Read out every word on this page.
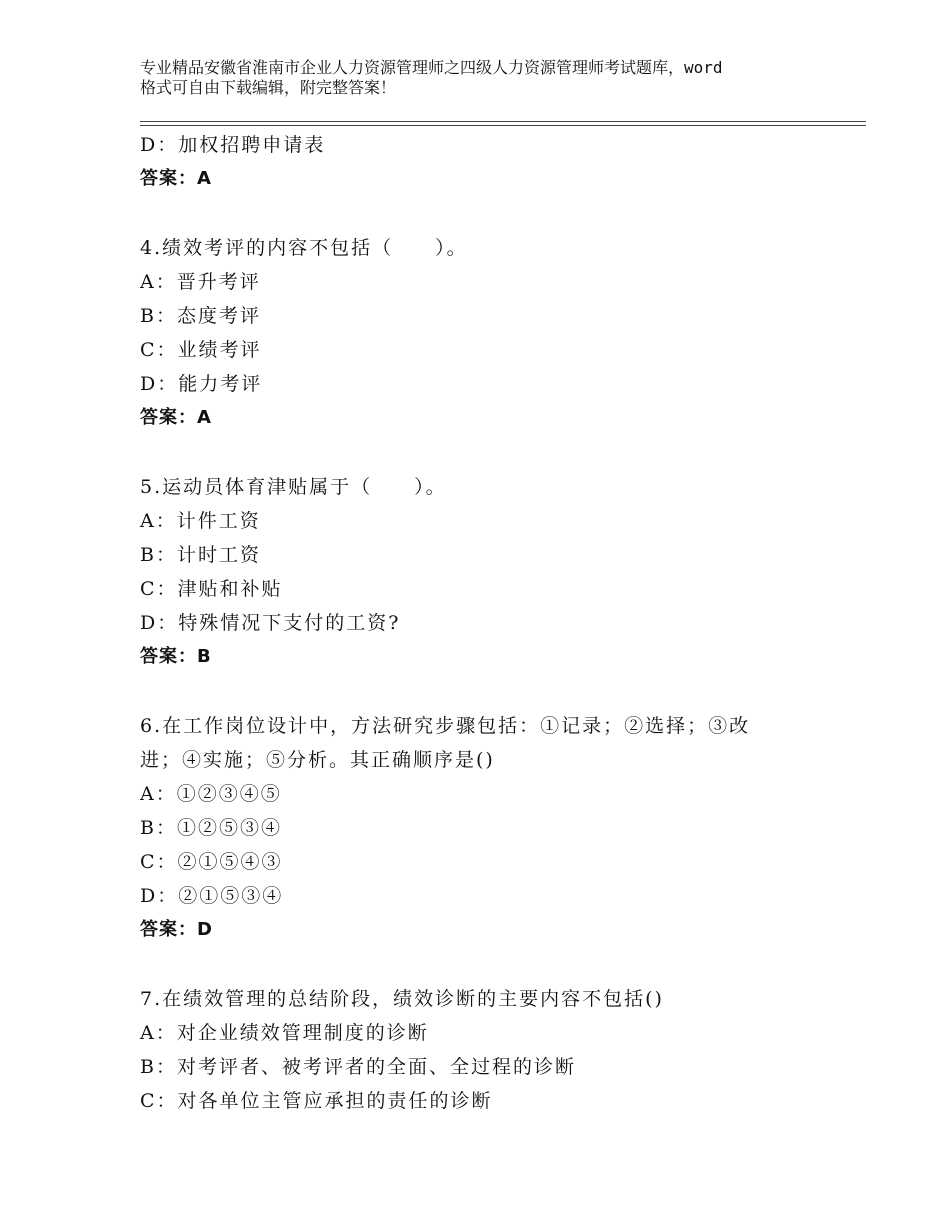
专业精品安徽省淮南市企业人力资源管理师之四级人力资源管理师考试题库，word
格式可自由下载编辑，附完整答案！
D：加权招聘申请表
答案：A
4.绩效考评的内容不包括（　　）。
A：晋升考评
B：态度考评
C：业绩考评
D：能力考评
答案：A
5.运动员体育津贴属于（　　）。
A：计件工资
B：计时工资
C：津贴和补贴
D：特殊情况下支付的工资?
答案：B
6.在工作岗位设计中，方法研究步骤包括：①记录；②选择；③改
进；④实施；⑤分析。其正确顺序是()
A：①②③④⑤
B：①②⑤③④
C：②①⑤④③
D：②①⑤③④
答案：D
7.在绩效管理的总结阶段，绩效诊断的主要内容不包括()
A：对企业绩效管理制度的诊断
B：对考评者、被考评者的全面、全过程的诊断
C：对各单位主管应承担的责任的诊断
